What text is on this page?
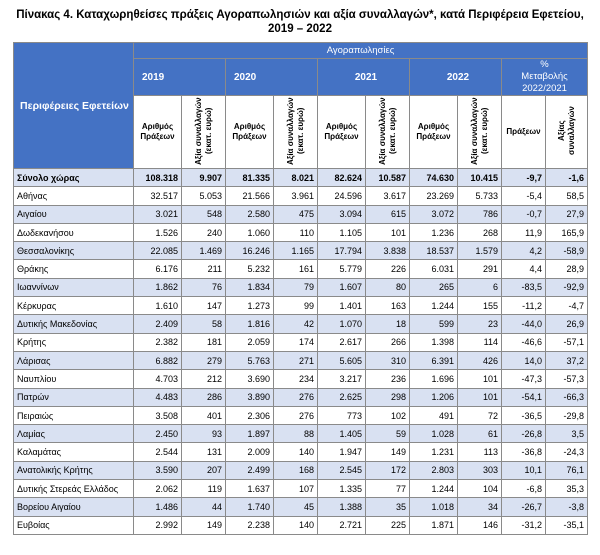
Πίνακας 4. Καταχωρηθείσες πράξεις Αγοραπωλησιών και αξία συναλλαγών*, κατά Περιφέρεια Εφετείου,
2019 – 2022
Περιφέρειες Εφετείων	Αγοραπωλησίες									
	2019		2020		2021		2022		%
Μεταβολής
2022/2021	

	Αριθμός Πράξεων	Αξία συναλλαγών (εκατ. ευρώ)	Αριθμός Πράξεων	Αξία συναλλαγών (εκατ. ευρώ)	Αριθμός Πράξεων	Αξία συναλλαγών (εκατ. ευρώ)	Αριθμός Πράξεων	Αξία συναλλαγών (εκατ. ευρώ)	Πράξεων	Αξίας συναλλαγών
Σύνολο χώρας	108.318	9.907	81.335	8.021	82.624	10.587	74.630	10.415	-9,7	-1,6
Αθήνας	32.517	5.053	21.566	3.961	24.596	3.617	23.269	5.733	-5,4	58,5
Αιγαίου	3.021	548	2.580	475	3.094	615	3.072	786	-0,7	27,9
Δωδεκανήσου	1.526	240	1.060	110	1.105	101	1.236	268	11,9	165,9
Θεσσαλονίκης	22.085	1.469	16.246	1.165	17.794	3.838	18.537	1.579	4,2	-58,9
Θράκης	6.176	211	5.232	161	5.779	226	6.031	291	4,4	28,9
Ιωαννίνων	1.862	76	1.834	79	1.607	80	265	6	-83,5	-92,9
Κέρκυρας	1.610	147	1.273	99	1.401	163	1.244	155	-11,2	-4,7
Δυτικής Μακεδονίας	2.409	58	1.816	42	1.070	18	599	23	-44,0	26,9
Κρήτης	2.382	181	2.059	174	2.617	266	1.398	114	-46,6	-57,1
Λάρισας	6.882	279	5.763	271	5.605	310	6.391	426	14,0	37,2
Ναυπλίου	4.703	212	3.690	234	3.217	236	1.696	101	-47,3	-57,3
Πατρών	4.483	286	3.890	276	2.625	298	1.206	101	-54,1	-66,3
Πειραιώς	3.508	401	2.306	276	773	102	491	72	-36,5	-29,8
Λαμίας	2.450	93	1.897	88	1.405	59	1.028	61	-26,8	3,5
Καλαμάτας	2.544	131	2.009	140	1.947	149	1.231	113	-36,8	-24,3
Ανατολικής Κρήτης	3.590	207	2.499	168	2.545	172	2.803	303	10,1	76,1
Δυτικής Στερεάς Ελλάδος	2.062	119	1.637	107	1.335	77	1.244	104	-6,8	35,3
Βορείου Αιγαίου	1.486	44	1.740	45	1.388	35	1.018	34	-26,7	-3,8
Ευβοίας	2.992	149	2.238	140	2.721	225	1.871	146	-31,2	-35,1
